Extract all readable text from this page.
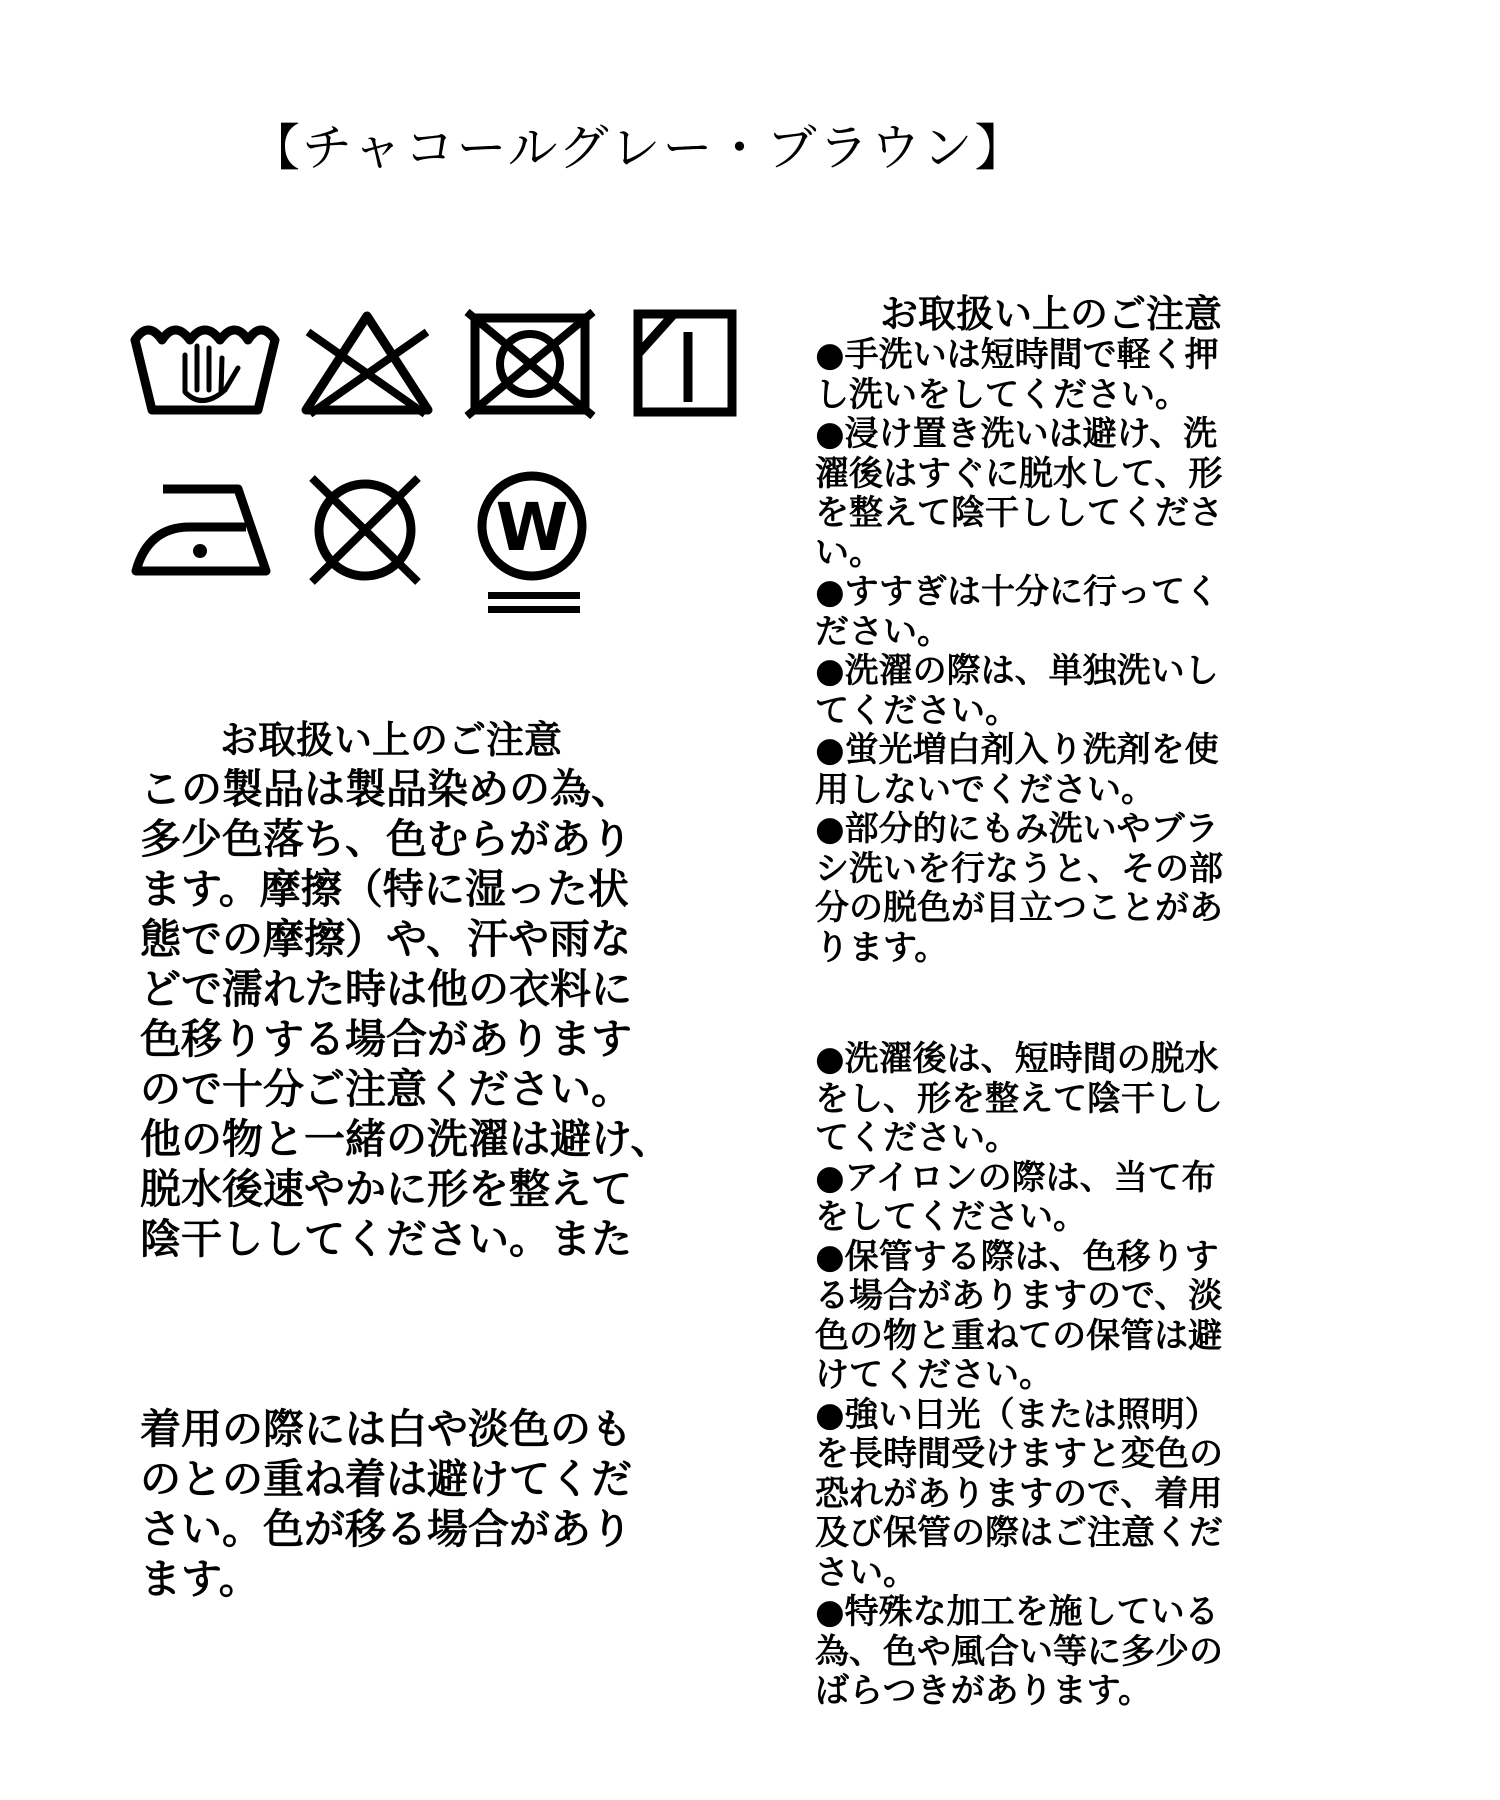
【チャコールグレー・ブラウン】
W
お取扱い上のご注意
この製品は製品染めの為、
多少色落ち、色むらがあり
ます。摩擦（特に湿った状
態での摩擦）や、汗や雨な
どで濡れた時は他の衣料に
色移りする場合があります
ので十分ご注意ください。
他の物と一緒の洗濯は避け、
脱水後速やかに形を整えて
陰干ししてください。また
着用の際には白や淡色のも
のとの重ね着は避けてくだ
さい。色が移る場合があり
ます。
お取扱い上のご注意
●手洗いは短時間で軽く押
し洗いをしてください。
●浸け置き洗いは避け、洗
濯後はすぐに脱水して、形
を整えて陰干ししてくださ
い。
●すすぎは十分に行ってく
ださい。
●洗濯の際は、単独洗いし
てください。
●蛍光増白剤入り洗剤を使
用しないでください。
●部分的にもみ洗いやブラ
シ洗いを行なうと、その部
分の脱色が目立つことがあ
ります。
●洗濯後は、短時間の脱水
をし、形を整えて陰干しし
てください。
●アイロンの際は、当て布
をしてください。
●保管する際は、色移りす
る場合がありますので、淡
色の物と重ねての保管は避
けてください。
●強い日光（または照明）
を長時間受けますと変色の
恐れがありますので、着用
及び保管の際はご注意くだ
さい。
●特殊な加工を施している
為、色や風合い等に多少の
ばらつきがあります。
